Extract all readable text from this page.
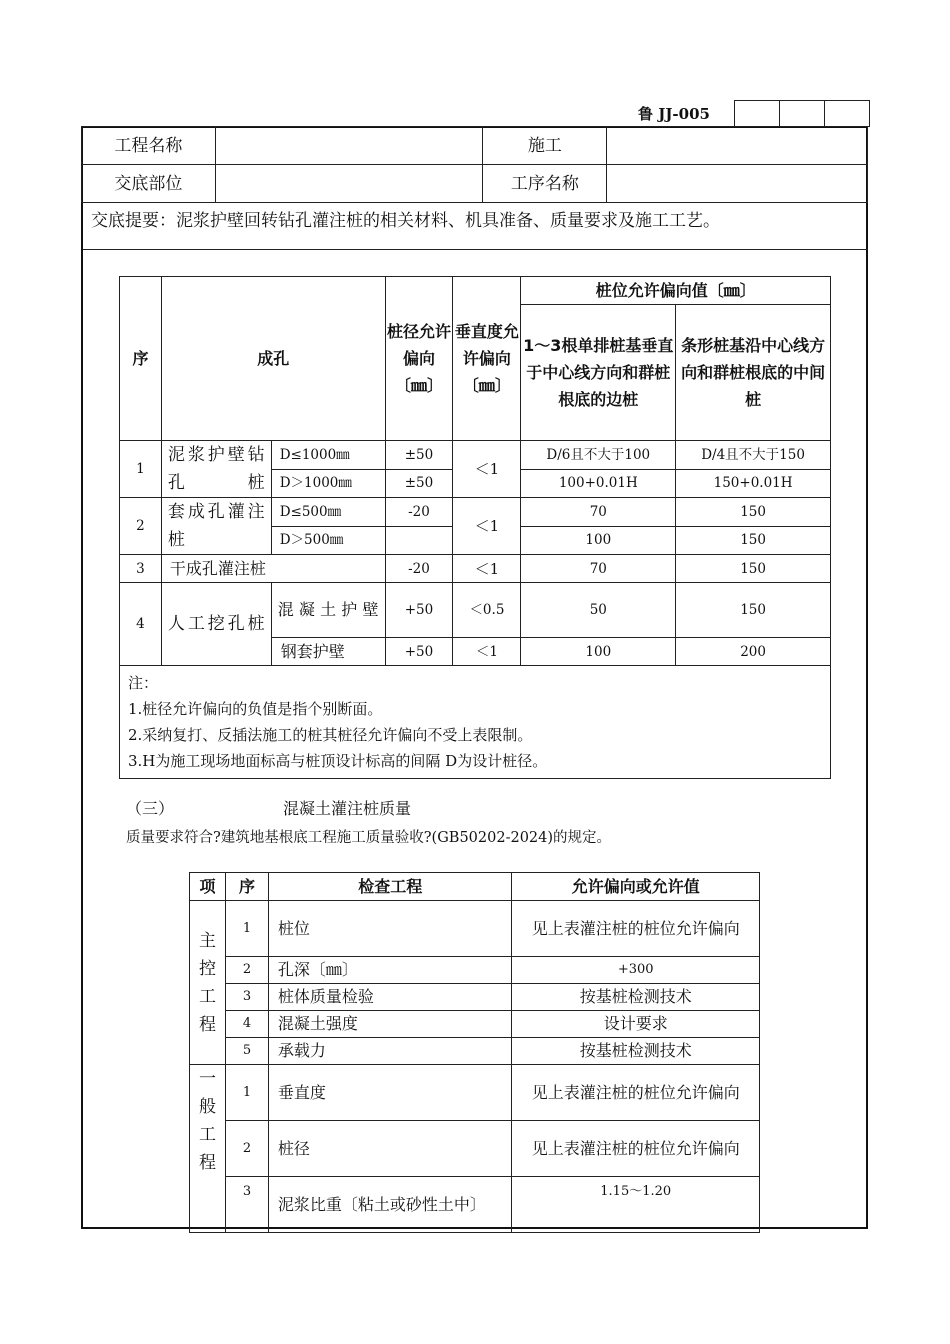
鲁 JJ-005

工程名称		施工	
交底部位		工序名称	
交底提要：泥浆护壁回转钻孔灌注桩的相关材料、机具准备、质量要求及施工工艺。
序	成孔		桩径允许偏向〔㎜〕	垂直度允许偏向〔㎜〕	桩位允许偏向值〔㎜〕	
					1～3根单排桩基垂直于中心线方向和群桩根底的边桩	条形桩基沿中心线方向和群桩根底的中间桩
1	泥浆护壁钻孔桩	D≤1000㎜	±50	＜1	D/6且不大于100	D/4且不大于150
		D＞1000㎜	±50		100+0.01H	150+0.01H
2	套成孔灌注桩	D≤500㎜	-20	＜1	70	150
		D＞500㎜			100	150
3	干成孔灌注桩		-20	＜1	70	150
4	人工挖孔桩	混凝土护壁	+50	＜0.5	50	150
		钢套护壁	+50	＜1	100	200

注：
1.桩径允许偏向的负值是指个别断面。
2.采纳复打、反插法施工的桩其桩径允许偏向不受上表限制。
3.H为施工现场地面标高与桩顶设计标高的间隔 D为设计桩径。						
（三）	混凝土灌注桩质量
质量要求符合?建筑地基根底工程施工质量验收?(GB50202-2024)的规定。
项	序	检查工程	允许偏向或允许值
主控工程	1	桩位	见上表灌注桩的桩位允许偏向
	2	孔深〔㎜〕	+300
	3	桩体质量检验	按基桩检测技术
	4	混凝土强度	设计要求
	5	承载力	按基桩检测技术
一般工程	1	垂直度	见上表灌注桩的桩位允许偏向
	2	桩径	见上表灌注桩的桩位允许偏向
	3	泥浆比重〔粘土或砂性土中〕	1.15～1.20
